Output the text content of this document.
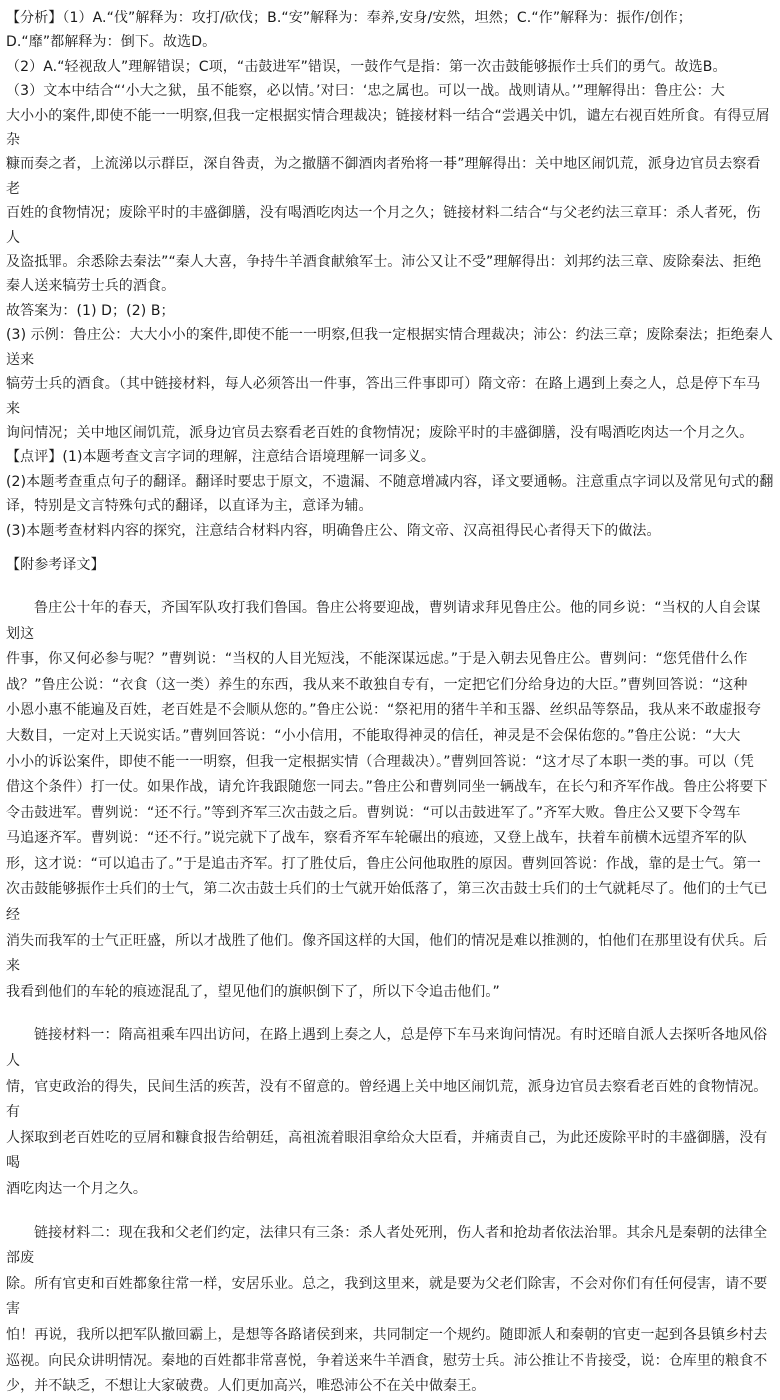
【分析】（1）A.“伐”解释为：攻打/砍伐；B.“安”解释为：奉养,安身/安然，坦然；C.“作”解释为：振作/创作；

D.“靡”都解释为：倒下。故选D。

（2）A.“轻视敌人”理解错误；C项，“击鼓进军”错误，一鼓作气是指：第一次击鼓能够振作士兵们的勇气。故选B。

（3）文本中结合“‘小大之狱，虽不能察，必以情。’对曰：‘忠之属也。可以一战。战则请从。’”理解得出：鲁庄公：大

大小小的案件,即使不能一一明察,但我一定根据实情合理裁决；链接材料一结合“尝遇关中饥，谴左右视百姓所食。有得豆屑杂

糠而奏之者，上流涕以示群臣，深自咎责，为之撤膳不御酒肉者殆将一朞”理解得出：关中地区闹饥荒，派身边官员去察看老

百姓的食物情况；废除平时的丰盛御膳，没有喝酒吃肉达一个月之久；链接材料二结合“与父老约法三章耳：杀人者死，伤人

及盗抵罪。余悉除去秦法”“秦人大喜，争持牛羊酒食献飨军士。沛公又让不受”理解得出：刘邦约法三章、废除秦法、拒绝

秦人送来犒劳士兵的酒食。

故答案为：(1) D；(2) B；

(3) 示例：鲁庄公：大大小小的案件,即使不能一一明察,但我一定根据实情合理裁决；沛公：约法三章；废除秦法；拒绝秦人送来

犒劳士兵的酒食。（其中链接材料，每人必须答出一件事，答出三件事即可）隋文帝：在路上遇到上奏之人，总是停下车马来

询问情况；关中地区闹饥荒，派身边官员去察看老百姓的食物情况；废除平时的丰盛御膳，没有喝酒吃肉达一个月之久。

【点评】(1)本题考查文言字词的理解，注意结合语境理解一词多义。

(2)本题考查重点句子的翻译。翻译时要忠于原文，不遗漏、不随意增减内容，译文要通畅。注意重点字词以及常见句式的翻

译，特别是文言特殊句式的翻译，以直译为主，意译为辅。

(3)本题考查材料内容的探究，注意结合材料内容，明确鲁庄公、隋文帝、汉高祖得民心者得天下的做法。

【附参考译文】

鲁庄公十年的春天，齐国军队攻打我们鲁国。鲁庄公将要迎战，曹刿请求拜见鲁庄公。他的同乡说：“当权的人自会谋划这

件事，你又何必参与呢？”曹刿说：“当权的人目光短浅，不能深谋远虑。”于是入朝去见鲁庄公。曹刿问：“您凭借什么作

战？”鲁庄公说：“衣食（这一类）养生的东西，我从来不敢独自专有，一定把它们分给身边的大臣。”曹刿回答说：“这种

小恩小惠不能遍及百姓，老百姓是不会顺从您的。”鲁庄公说：“祭祀用的猪牛羊和玉器、丝织品等祭品，我从来不敢虚报夸

大数目，一定对上天说实话。”曹刿回答说：“小小信用，不能取得神灵的信任，神灵是不会保佑您的。”鲁庄公说：“大大

小小的诉讼案件，即使不能一一明察，但我一定根据实情（合理裁决）。”曹刿回答说：“这才尽了本职一类的事。可以（凭

借这个条件）打一仗。如果作战，请允许我跟随您一同去。”鲁庄公和曹刿同坐一辆战车，在长勺和齐军作战。鲁庄公将要下

令击鼓进军。曹刿说：“还不行。”等到齐军三次击鼓之后。曹刿说：“可以击鼓进军了。”齐军大败。鲁庄公又要下令驾车

马追逐齐军。曹刿说：“还不行。”说完就下了战车，察看齐军车轮碾出的痕迹，又登上战车，扶着车前横木远望齐军的队

形，这才说：“可以追击了。”于是追击齐军。打了胜仗后，鲁庄公问他取胜的原因。曹刿回答说：作战，靠的是士气。第一

次击鼓能够振作士兵们的士气，第二次击鼓士兵们的士气就开始低落了，第三次击鼓士兵们的士气就耗尽了。他们的士气已经

消失而我军的士气正旺盛，所以才战胜了他们。像齐国这样的大国，他们的情况是难以推测的，怕他们在那里设有伏兵。后来

我看到他们的车轮的痕迹混乱了，望见他们的旗帜倒下了，所以下令追击他们。”

链接材料一：隋高祖乘车四出访问，在路上遇到上奏之人，总是停下车马来询问情况。有时还暗自派人去探听各地风俗人

情，官吏政治的得失，民间生活的疾苦，没有不留意的。曾经遇上关中地区闹饥荒，派身边官员去察看老百姓的食物情况。有

人探取到老百姓吃的豆屑和糠食报告给朝廷，高祖流着眼泪拿给众大臣看，并痛责自己，为此还废除平时的丰盛御膳，没有喝

酒吃肉达一个月之久。

链接材料二：现在我和父老们约定，法律只有三条：杀人者处死刑，伤人者和抢劫者依法治罪。其余凡是秦朝的法律全部废

除。所有官吏和百姓都象往常一样，安居乐业。总之，我到这里来，就是要为父老们除害，不会对你们有任何侵害，请不要害

怕！再说，我所以把军队撤回霸上，是想等各路诸侯到来，共同制定一个规约。随即派人和秦朝的官吏一起到各县镇乡村去

巡视。向民众讲明情况。秦地的百姓都非常喜悦，争着送来牛羊酒食，慰劳士兵。沛公推让不肯接受，说：仓库里的粮食不

少，并不缺乏，不想让大家破费。人们更加高兴，唯恐沛公不在关中做秦王。
